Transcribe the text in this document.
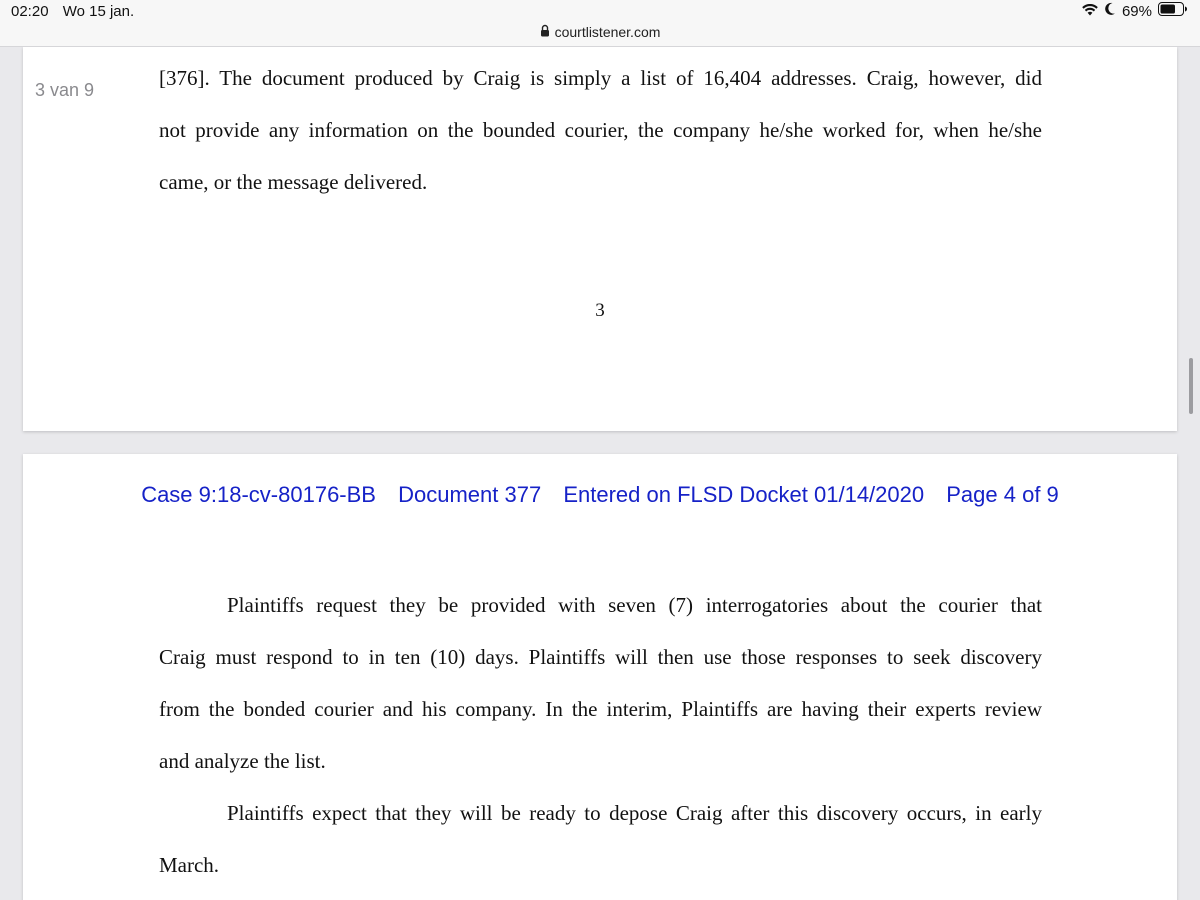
02:20 Wo 15 jan.	69%
courtlistener.com
3 van 9	[376]. The document produced by Craig is simply a list of 16,404 addresses. Craig, however, did
not provide any information on the bounded courier, the company he/she worked for, when he/she
came, or the message delivered.
3
Case 9:18-cv-80176-BB Document 377 Entered on FLSD Docket 01/14/2020 Page 4 of 9
Plaintiffs request they be provided with seven (7) interrogatories about the courier that
Craig must respond to in ten (10) days. Plaintiffs will then use those responses to seek discovery
from the bonded courier and his company. In the interim, Plaintiffs are having their experts review
and analyze the list.
Plaintiffs expect that they will be ready to depose Craig after this discovery occurs, in early
March.
